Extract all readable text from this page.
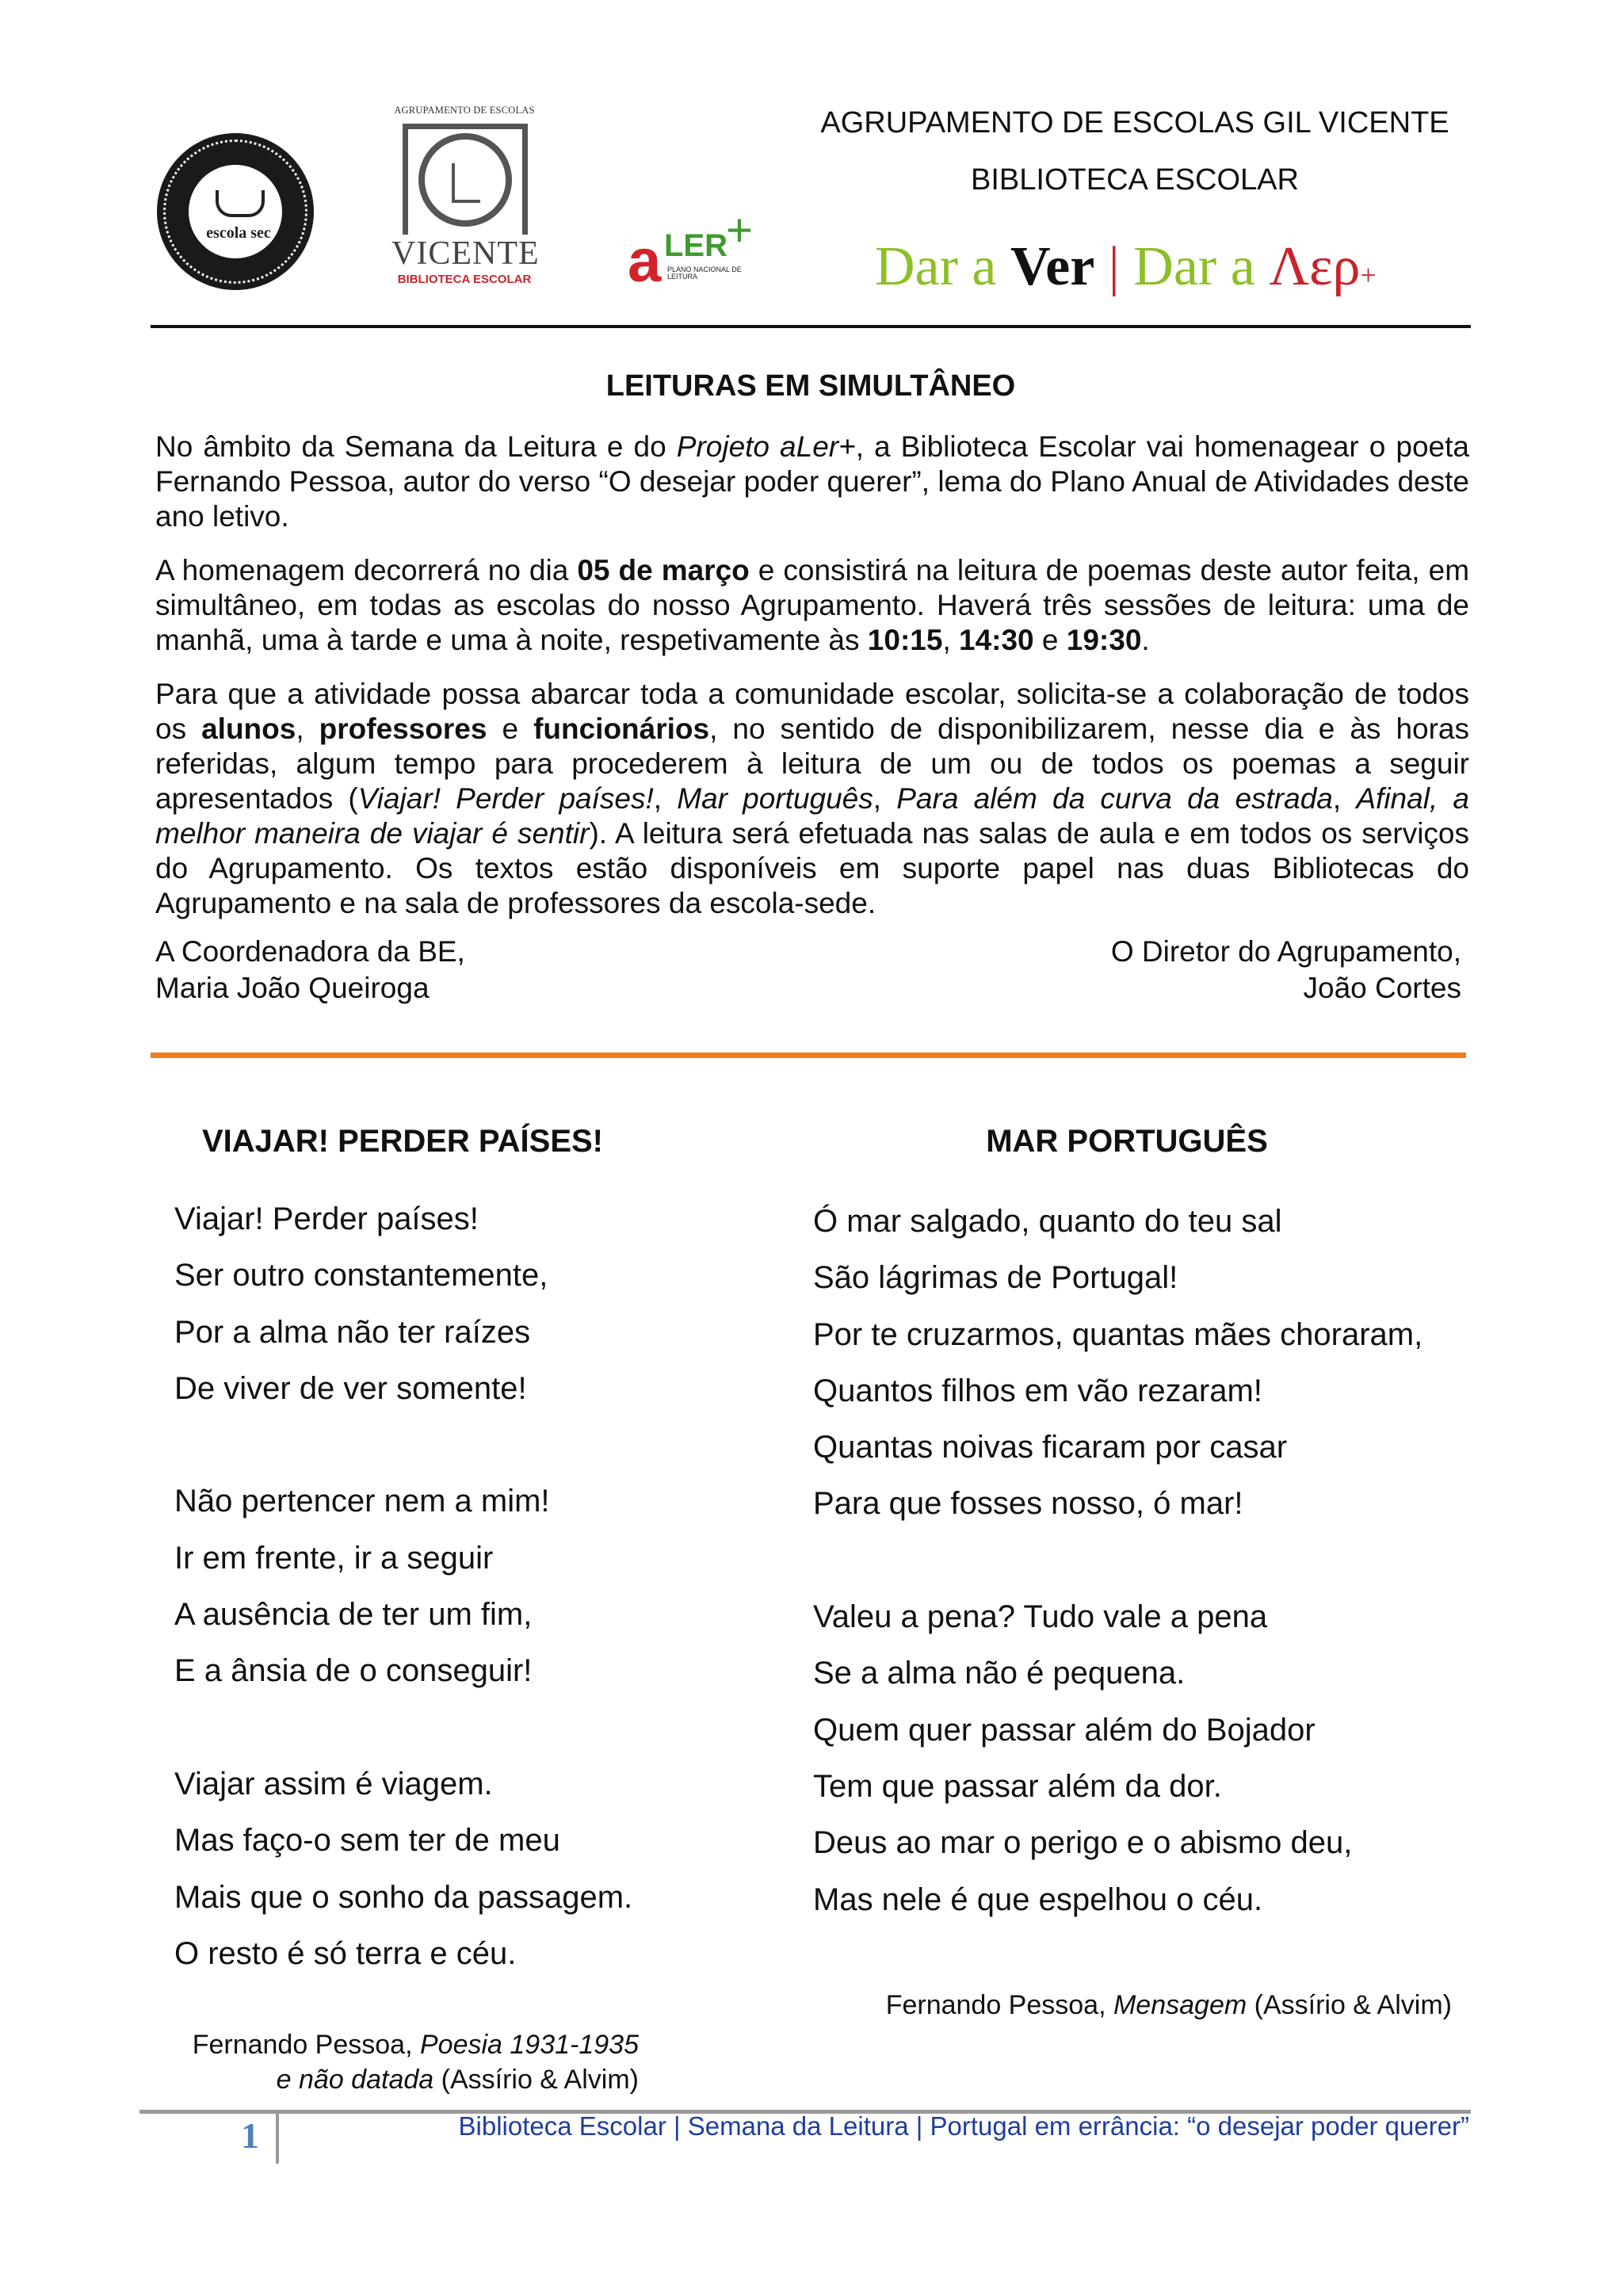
escola sec
AGRUPAMENTO DE ESCOLAS
VICENTE
BIBLIOTECA ESCOLAR a LER
+
PLANO NACIONAL DE LEITURA
AGRUPAMENTO DE ESCOLAS GIL VICENTE
BIBLIOTECA ESCOLAR
Dar a Ver | Dar a Λερ+
LEITURAS EM SIMULTÂNEO
No âmbito da Semana da Leitura e do Projeto aLer+, a Biblioteca Escolar vai homenagear o poeta Fernando Pessoa, autor do verso “O desejar poder querer”, lema do Plano Anual de Atividades deste ano letivo.
A homenagem decorrerá no dia 05 de março e consistirá na leitura de poemas deste autor feita, em simultâneo, em todas as escolas do nosso Agrupamento. Haverá três sessões de leitura: uma de manhã, uma à tarde e uma à noite, respetivamente às 10:15, 14:30 e 19:30.
Para que a atividade possa abarcar toda a comunidade escolar, solicita-se a colaboração de todos os alunos, professores e funcionários, no sentido de disponibilizarem, nesse dia e às horas referidas, algum tempo para procederem à leitura de um ou de todos os poemas a seguir apresentados (Viajar! Perder países!, Mar português, Para além da curva da estrada, Afinal, a melhor maneira de viajar é sentir). A leitura será efetuada nas salas de aula e em todos os serviços do Agrupamento. Os textos estão disponíveis em suporte papel nas duas Bibliotecas do Agrupamento e na sala de professores da escola-sede.
A Coordenadora da BE,
Maria João Queiroga
O Diretor do Agrupamento,
João Cortes
VIAJAR! PERDER PAÍSES!	MAR PORTUGUÊS
Viajar! Perder países!
Ser outro constantemente,
Por a alma não ter raízes
De viver de ver somente!
Não pertencer nem a mim!
Ir em frente, ir a seguir
A ausência de ter um fim,
E a ânsia de o conseguir!
Viajar assim é viagem.
Mas faço-o sem ter de meu
Mais que o sonho da passagem.
O resto é só terra e céu.
Ó mar salgado, quanto do teu sal
São lágrimas de Portugal!
Por te cruzarmos, quantas mães choraram,
Quantos filhos em vão rezaram!
Quantas noivas ficaram por casar
Para que fosses nosso, ó mar!
Valeu a pena? Tudo vale a pena
Se a alma não é pequena.
Quem quer passar além do Bojador
Tem que passar além da dor.
Deus ao mar o perigo e o abismo deu,
Mas nele é que espelhou o céu.
Fernando Pessoa, Mensagem (Assírio & Alvim)
Fernando Pessoa, Poesia 1931-1935
e não datada (Assírio & Alvim)
1	Biblioteca Escolar | Semana da Leitura | Portugal em errância: “o desejar poder querer”
